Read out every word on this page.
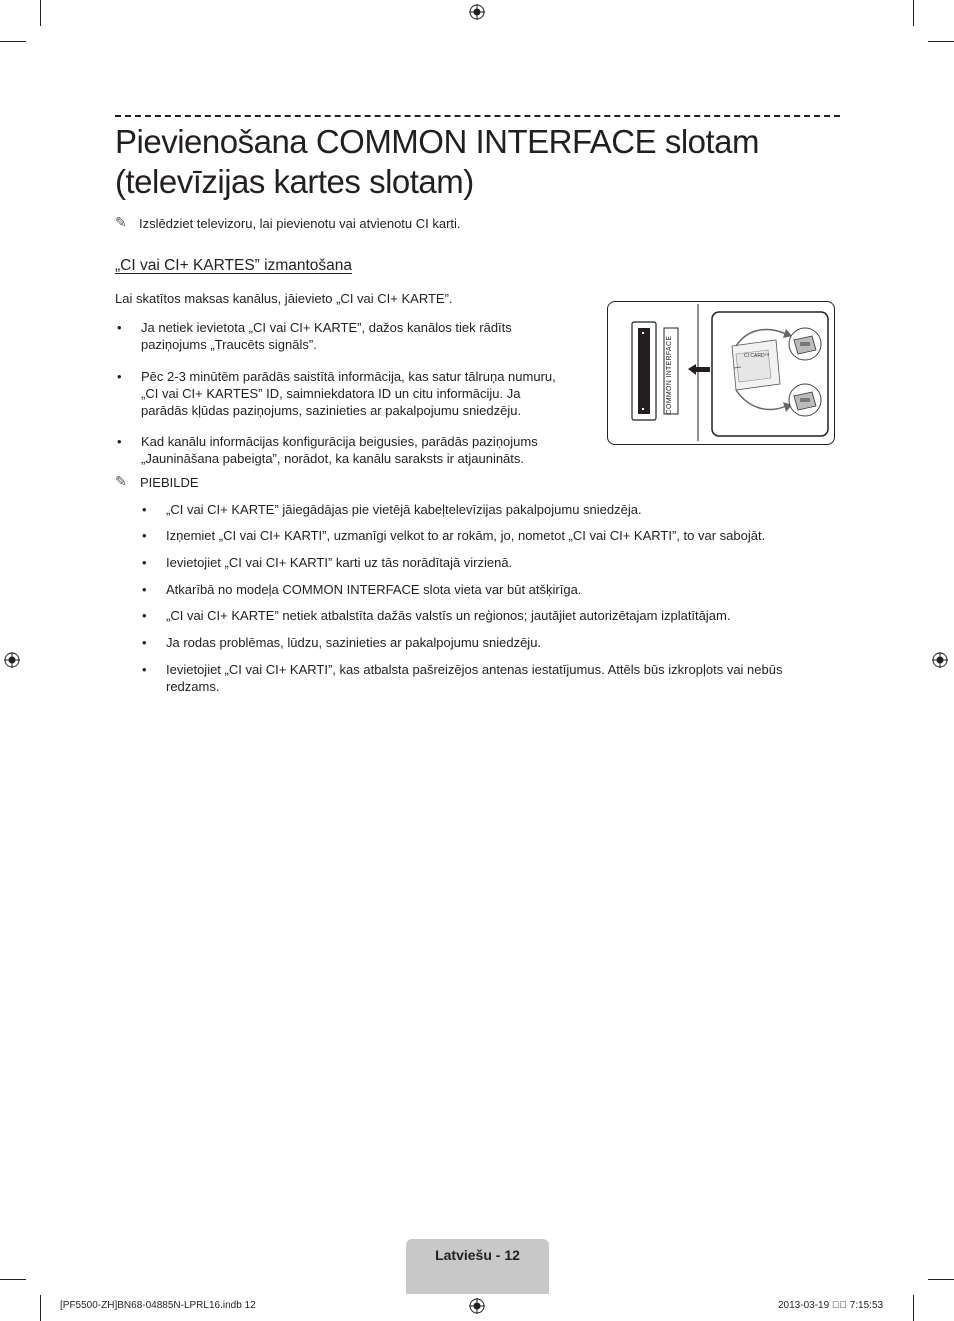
Pievienošana COMMON INTERFACE slotam
(televīzijas kartes slotam)
✎ Izslēdziet televizoru, lai pievienotu vai atvienotu CI karti.
„CI vai CI+ KARTES” izmantošana
Lai skatītos maksas kanālus, jāievieto „CI vai CI+ KARTE”.
• Ja netiek ievietota „CI vai CI+ KARTE”, dažos kanālos tiek rādīts
paziņojums „Traucēts signāls”.
• Pēc 2-3 minūtēm parādās saistītā informācija, kas satur tālruņa numuru,
„CI vai CI+ KARTES” ID, saimniekdatora ID un citu informāciju. Ja
parādās kļūdas paziņojums, sazinieties ar pakalpojumu sniedzēju.
• Kad kanālu informācijas konfigurācija beigusies, parādās paziņojums
„Jaunināšana pabeigta”, norādot, ka kanālu saraksts ir atjaunināts.
COMMON INTERFACE	CI CARD™
✎ PIEBILDE
• „CI vai CI+ KARTE” jāiegādājas pie vietējā kabeļtelevīzijas pakalpojumu sniedzēja.
• Izņemiet „CI vai CI+ KARTI”, uzmanīgi velkot to ar rokām, jo, nometot „CI vai CI+ KARTI”, to var sabojāt.
• Ievietojiet „CI vai CI+ KARTI” karti uz tās norādītajā virzienā.
• Atkarībā no modeļa COMMON INTERFACE slota vieta var būt atšķirīga.
• „CI vai CI+ KARTE” netiek atbalstīta dažās valstīs un reģionos; jautājiet autorizētajam izplatītājam.
• Ja rodas problēmas, lūdzu, sazinieties ar pakalpojumu sniedzēju.
• Ievietojiet „CI vai CI+ KARTI”, kas atbalsta pašreizējos antenas iestatījumus. Attēls būs izkropļots vai nebūs
redzams.
Latviešu - 12
[PF5500-ZH]BN68-04885N-LPRL16.indb 12	2013-03-19 ￿￿ 7:15:53
